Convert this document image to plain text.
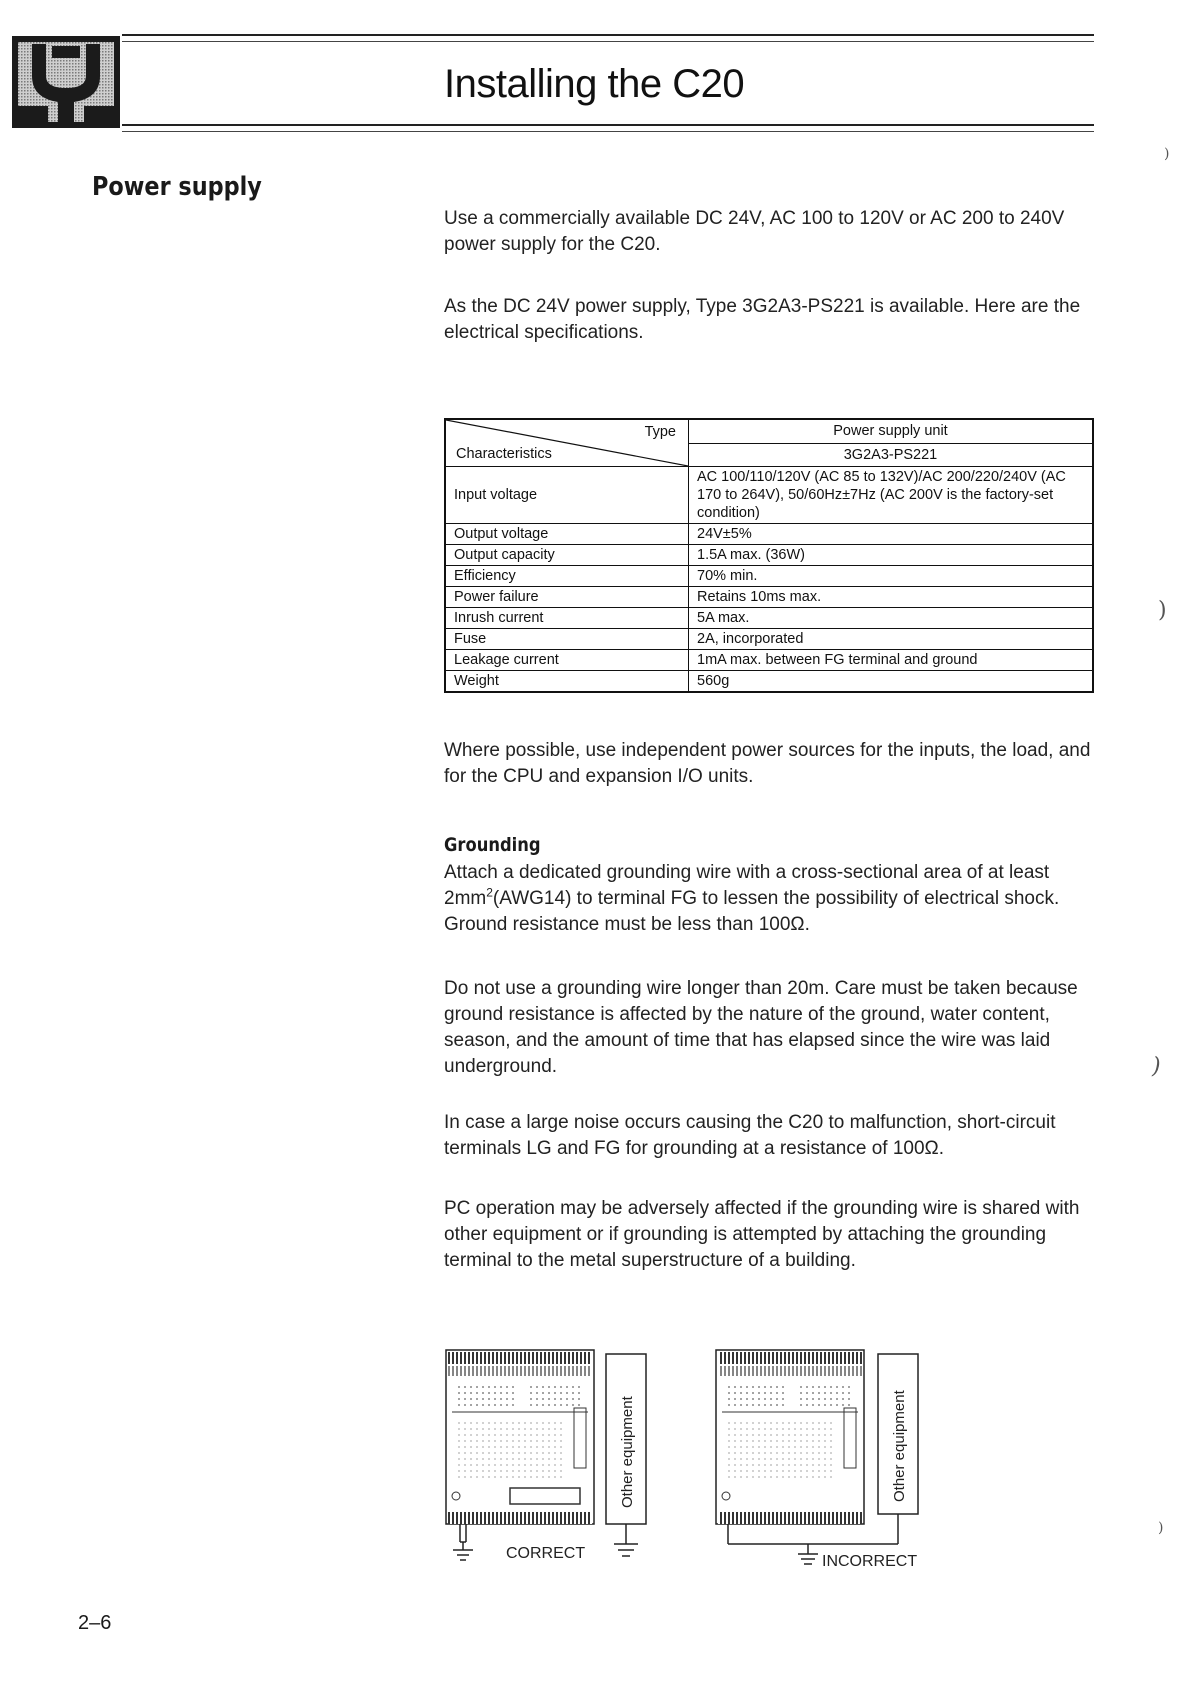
Installing the C20
Power supply

Use a commercially available DC 24V, AC 100 to 120V or AC 200 to 240V power supply for the C20.

As the DC 24V power supply, Type 3G2A3-PS221 is available. Here are the electrical specifications.

Type
Characteristics	Power supply unit
	3G2A3-PS221
Input voltage	AC 100/110/120V (AC 85 to 132V)/AC 200/220/240V (AC 170 to 264V), 50/60Hz±7Hz (AC 200V is the factory-set condition)
Output voltage	24V±5%
Output capacity	1.5A max. (36W)
Efficiency	70% min.
Power failure	Retains 10ms max.
Inrush current	5A max.
Fuse	2A, incorporated
Leakage current	1mA max. between FG terminal and ground
Weight	560g

Where possible, use independent power sources for the inputs, the load, and for the CPU and expansion I/O units.

Grounding

Attach a dedicated grounding wire with a cross-sectional area of at least $2mm^2(AWG14)$ to terminal FG to lessen the possibility of electrical shock. Ground resistance must be less than 100Ω.

Do not use a grounding wire longer than 20m. Care must be taken because ground resistance is affected by the nature of the ground, water content, season, and the amount of time that has elapsed since the wire was laid underground.

In case a large noise occurs causing the C20 to malfunction, short-circuit terminals LG and FG for grounding at a resistance of 100Ω.

PC operation may be adversely affected if the grounding wire is shared with other equipment or if grounding is attempted by attaching the grounding terminal to the metal superstructure of a building.

Other equipment
CORRECT
Other equipment
INCORRECT
)
)
)
)

2–6
